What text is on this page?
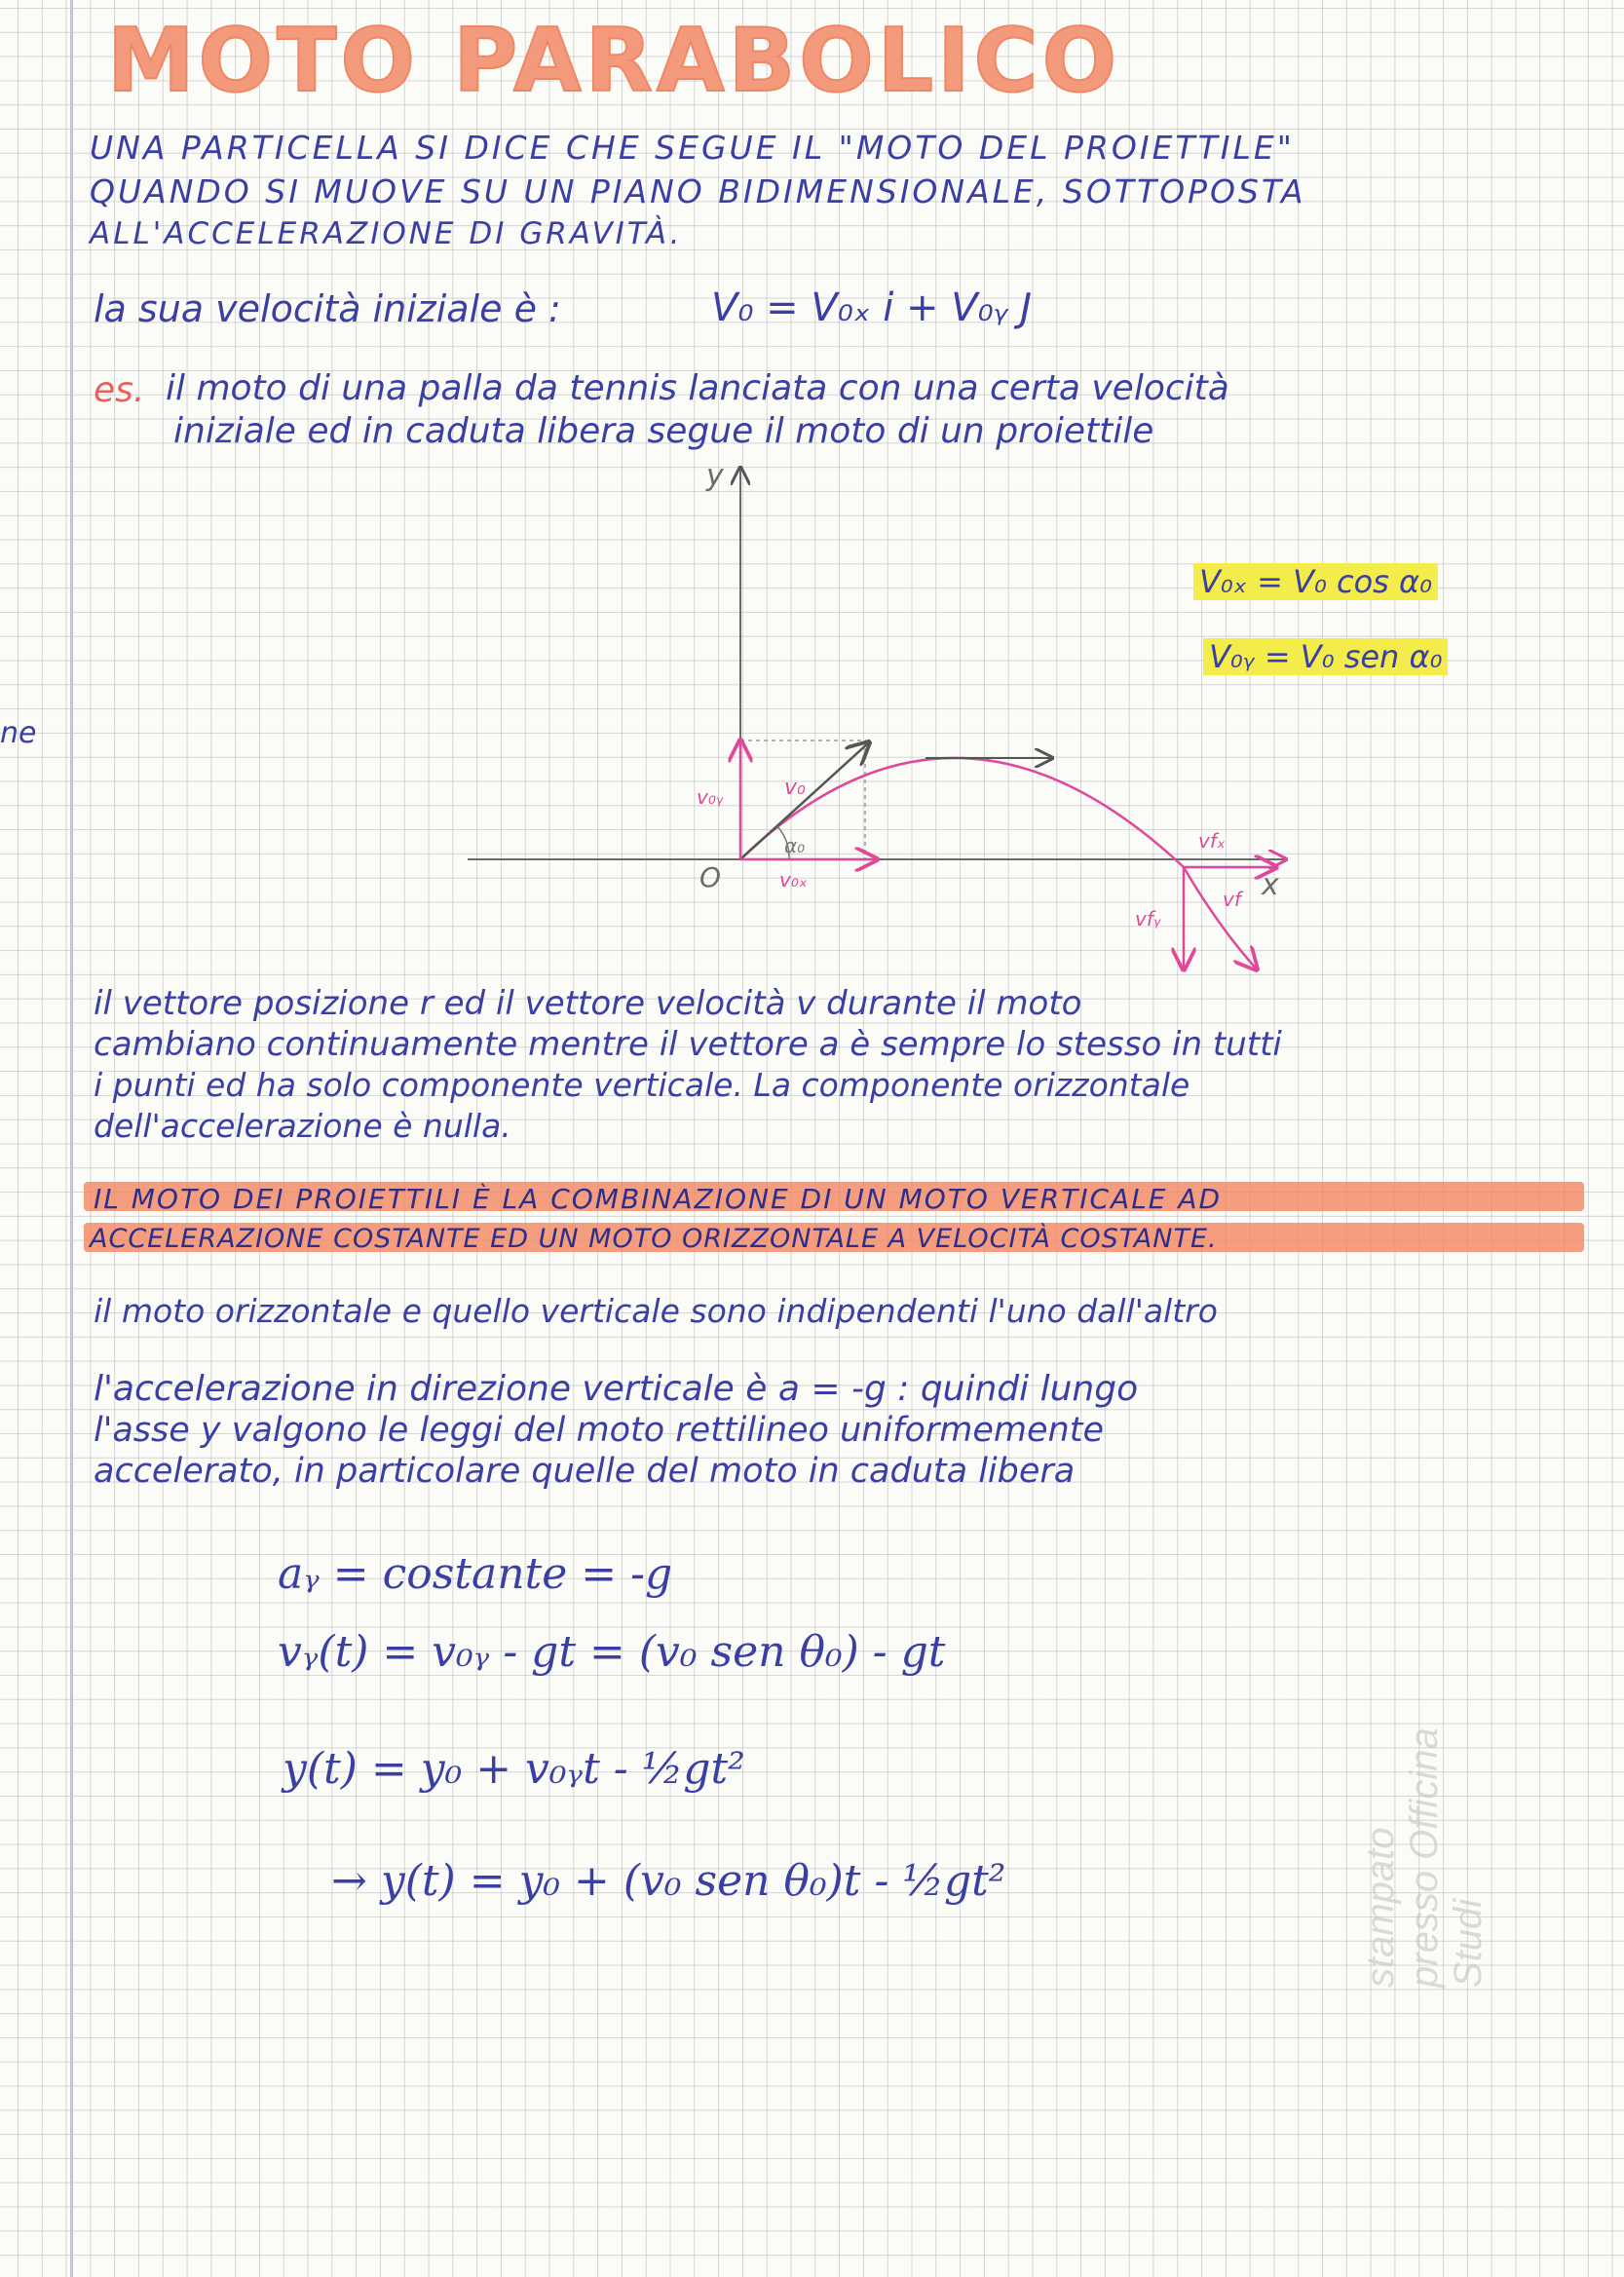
MOTO PARABOLICO
UNA PARTICELLA SI DICE CHE SEGUE IL "MOTO DEL PROIETTILE"
QUANDO SI MUOVE SU UN PIANO BIDIMENSIONALE, SOTTOPOSTA
ALL'ACCELERAZIONE DI GRAVITÀ.
la sua velocità iniziale è :	V₀ = V₀ₓ i + V₀ᵧ J
es. il moto di una palla da tennis lanciata con una certa velocità
iniziale ed in caduta libera segue il moto di un proiettile
y
x
O
α₀
v₀
v₀ᵧ
v₀ₓ
vfₓ
vfᵧ
vf
V₀ₓ = V₀ cos α₀
V₀ᵧ = V₀ sen α₀
il vettore posizione r ed il vettore velocità v durante il moto
cambiano continuamente mentre il vettore a è sempre lo stesso in tutti
i punti ed ha solo componente verticale. La componente orizzontale
dell'accelerazione è nulla.
IL MOTO DEI PROIETTILI È LA COMBINAZIONE DI UN MOTO VERTICALE AD
ACCELERAZIONE COSTANTE ED UN MOTO ORIZZONTALE A VELOCITÀ COSTANTE.
il moto orizzontale e quello verticale sono indipendenti l'uno dall'altro
l'accelerazione in direzione verticale è a = -g : quindi lungo
l'asse y valgono le leggi del moto rettilineo uniformemente
accelerato, in particolare quelle del moto in caduta libera
aᵧ = costante = -g
vᵧ(t) = v₀ᵧ - gt = (v₀ sen θ₀) - gt
y(t) = y₀ + v₀ᵧt - ½gt²
→ y(t) = y₀ + (v₀ sen θ₀)t - ½gt²
ne
stampato presso Officina Studi
